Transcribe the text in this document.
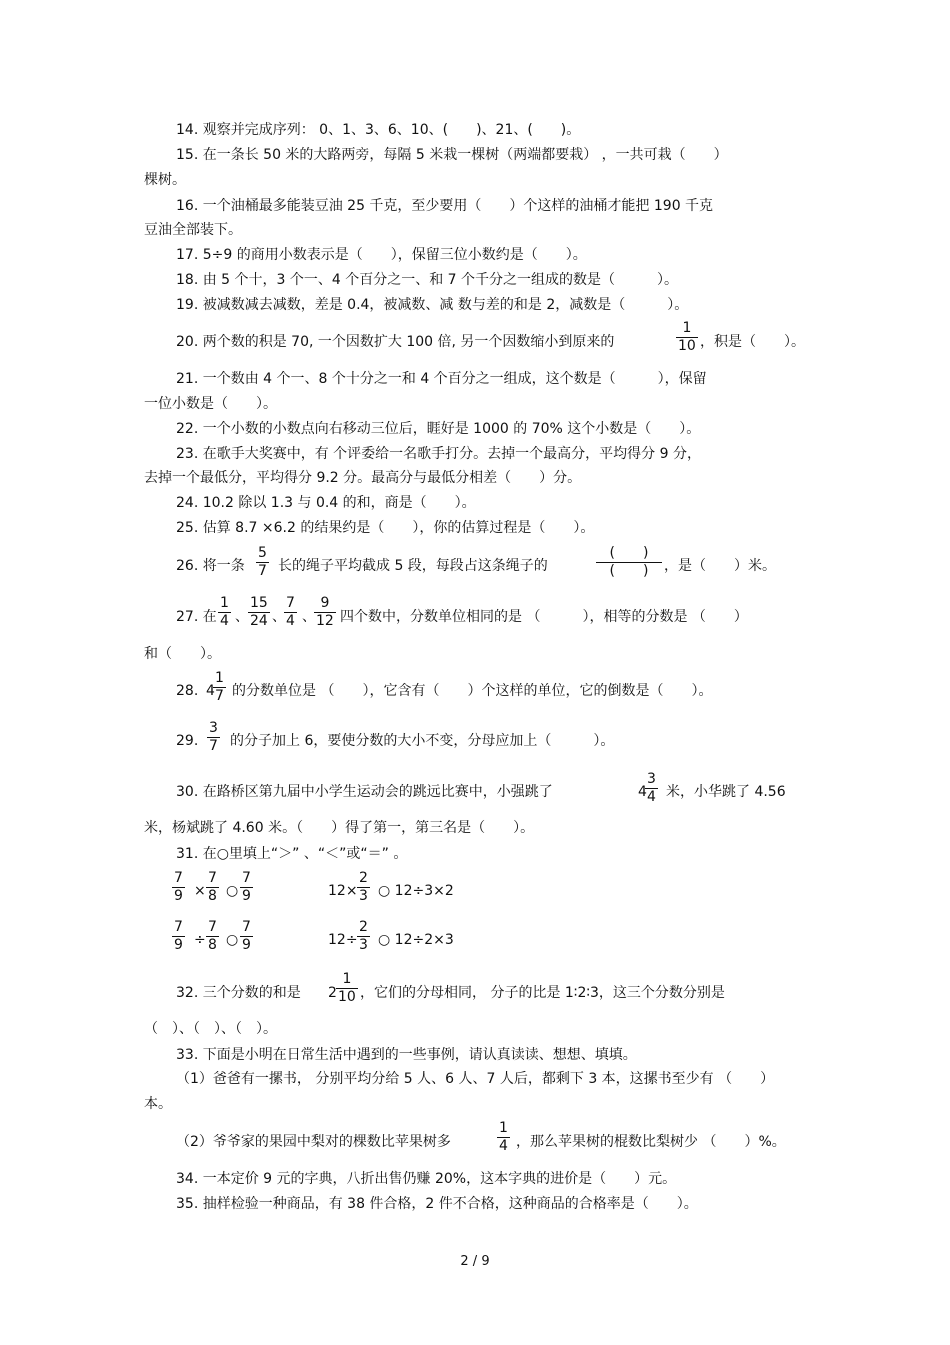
14. 观察并完成序列： 0、1、3、6、10、(　　)、21、(　　)。
15. 在一条长 50 米的大路两旁，每隔 5 米栽一棵树（两端都要栽） ，一共可栽（　　）
棵树。
16. 一个油桶最多能装豆油 25 千克，至少要用（　　）个这样的油桶才能把 190 千克
豆油全部装下。
17. 5÷9 的商用小数表示是（　　），保留三位小数约是（　　）。
18. 由 5 个十，3 个一、4 个百分之一、和 7 个千分之一组成的数是（　　　）。
19. 被减数减去减数，差是 0.4，被减数、减 数与差的和是 2，减数是（　　　）。
20. 两个数的积是 70, 一个因数扩大 100 倍, 另一个因数缩小到原来的	$\frac{1}{10}$ ，积是（　　）。
21. 一个数由 4 个一、8 个十分之一和 4 个百分之一组成，这个数是（　　　），保留
一位小数是（　　）。
22. 一个小数的小数点向右移动三位后，睚好是 1000 的 70% 这个小数是（　　）。
23. 在歌手大奖赛中，有 个评委给一名歌手打分。去掉一个最高分，平均得分 9 分，
去掉一个最低分，平均得分 9.2 分。最高分与最低分相差（　　）分。
24. 10.2 除以 1.3 与 0.4 的和，商是（　　）。
25. 估算 8.7 ×6.2 的结果约是（　　），你的估算过程是（　　）。
26. 将一条 $\frac{5}{7}$ 长的绳子平均截成 5 段，每段占这条绳子的
(　　)
(　　)	，是（　　）米。
27. 在 $\frac{1}{4}$ 、 $\frac{15}{24}$ 、
$\frac{7}{4}$ 、
$\frac{9}{12}$ 四个数中，分数单位相同的是 （　　　），相等的分数是 （　　）
和（　　）。
28. 4
$\frac{1}{7}$ 的分数单位是 （　　），它含有（　　）个这样的单位，它的倒数是（　　）。
29. $\frac{3}{7}$ 的分子加上 6，要使分数的大小不变，分母应加上（　　　）。
30. 在路桥区第九届中小学生运动会的跳远比赛中，小强跳了	4
$\frac{3}{4}$ 米，小华跳了 4.56
米，杨斌跳了 4.60 米。（　　）得了第一，第三名是（　　）。
31. 在○里填上“＞” 、“＜”或“＝” 。
$\frac{7}{9} \times \frac{7}{8}$ ○ $\frac{7}{9}$	$12\times \frac{2}{3}$ ○ 12÷3×2
$\frac{7}{9} \div \frac{7}{8}$ ○ $\frac{7}{9}$	$12\div \frac{2}{3}$ ○ 12÷2×3
32. 三个分数的和是 $2 \frac{1}{10}$ ，它们的分母相同， 分子的比是 1∶2∶3，这三个分数分别是
（　）、（　）、（　）。
33. 下面是小明在日常生活中遇到的一些事例，请认真读读、想想、填填。
（1）爸爸有一摞书， 分别平均分给 5 人、6 人、7 人后，都剩下 3 本，这摞书至少有 （　　）
本。
（2）爷爷家的果园中梨对的棵数比苹果树多	$\frac{1}{4}$ ，那么苹果树的棍数比梨树少 （　　）%。
34. 一本定价 9 元的字典，八折出售仍赚 20%，这本字典的进价是（　　）元。
35. 抽样检验一种商品，有 38 件合格，2 件不合格，这种商品的合格率是（　　）。
2 / 9
